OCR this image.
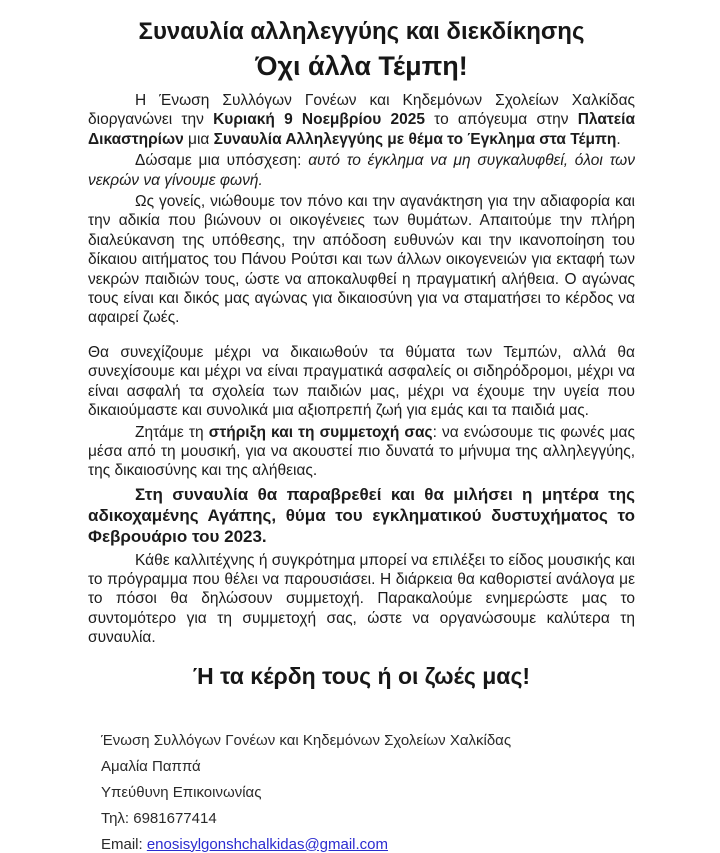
Συναυλία αλληλεγγύης και διεκδίκησης
Όχι άλλα Τέμπη!

Η Ένωση Συλλόγων Γονέων και Κηδεμόνων Σχολείων Χαλκίδας διοργανώνει την Κυριακή 9 Νοεμβρίου 2025 το απόγευμα στην Πλατεία Δικαστηρίων μια Συναυλία Αλληλεγγύης με θέμα το Έγκλημα στα Τέμπη.

Δώσαμε μια υπόσχεση: αυτό το έγκλημα να μη συγκαλυφθεί, όλοι των νεκρών να γίνουμε φωνή.

Ως γονείς, νιώθουμε τον πόνο και την αγανάκτηση για την αδιαφορία και την αδικία που βιώνουν οι οικογένειες των θυμάτων. Απαιτούμε την πλήρη διαλεύκανση της υπόθεσης, την απόδοση ευθυνών και την ικανοποίηση του δίκαιου αιτήματος του Πάνου Ρούτσι και των άλλων οικογενειών για εκταφή των νεκρών παιδιών τους, ώστε να αποκαλυφθεί η πραγματική αλήθεια. Ο αγώνας τους είναι και δικός μας αγώνας για δικαιοσύνη για να σταματήσει το κέρδος να αφαιρεί ζωές.

Θα συνεχίζουμε μέχρι να δικαιωθούν τα θύματα των Τεμπών, αλλά θα συνεχίσουμε και μέχρι να είναι πραγματικά ασφαλείς οι σιδηρόδρομοι, μέχρι να είναι ασφαλή τα σχολεία των παιδιών μας, μέχρι να έχουμε την υγεία που δικαιούμαστε και συνολικά μια αξιοπρεπή ζωή για εμάς και τα παιδιά μας.

Ζητάμε τη στήριξη και τη συμμετοχή σας: να ενώσουμε τις φωνές μας μέσα από τη μουσική, για να ακουστεί πιο δυνατά το μήνυμα της αλληλεγγύης, της δικαιοσύνης και της αλήθειας.

Στη συναυλία θα παραβρεθεί και θα μιλήσει η μητέρα της αδικοχαμένης Αγάπης, θύμα του εγκληματικού δυστυχήματος το Φεβρουάριο του 2023.

Κάθε καλλιτέχνης ή συγκρότημα μπορεί να επιλέξει το είδος μουσικής και το πρόγραμμα που θέλει να παρουσιάσει. Η διάρκεια θα καθοριστεί ανάλογα με το πόσοι θα δηλώσουν συμμετοχή. Παρακαλούμε ενημερώστε μας το συντομότερο για τη συμμετοχή σας, ώστε να οργανώσουμε καλύτερα τη συναυλία.

Ή τα κέρδη τους ή οι ζωές μας!

Ένωση Συλλόγων Γονέων και Κηδεμόνων Σχολείων Χαλκίδας

Αμαλία Παππά

Υπεύθυνη Επικοινωνίας

Τηλ: 6981677414

Email: enosisylgonshchalkidas@gmail.com
